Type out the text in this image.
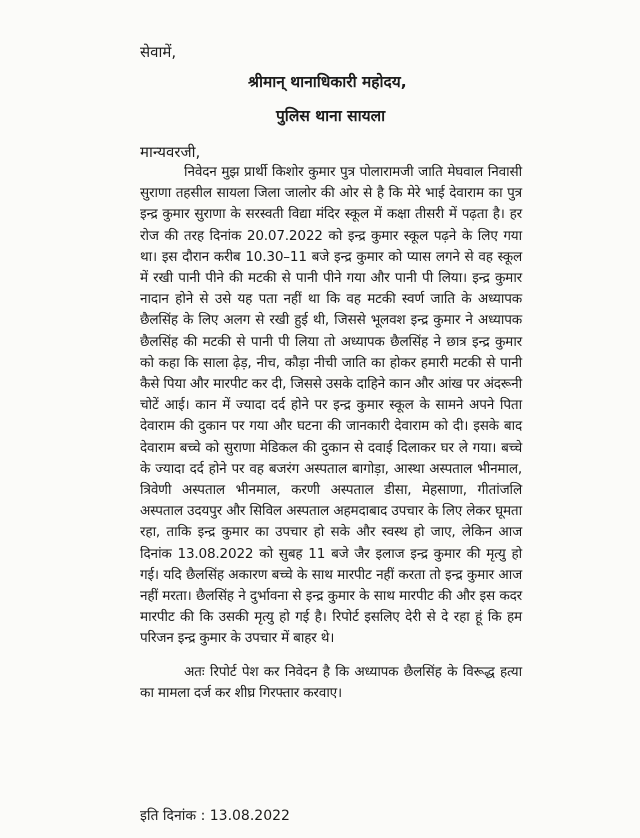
सेवामें,
श्रीमान् थानाधिकारी महोदय,
पुलिस थाना सायला
मान्यवरजी,

निवेदन मुझ प्रार्थी किशोर कुमार पुत्र पोलारामजी जाति मेघवाल निवासी सुराणा तहसील सायला जिला जालोर की ओर से है कि मेरे भाई देवाराम का पुत्र इन्द्र कुमार सुराणा के सरस्वती विद्या मंदिर स्कूल में कक्षा तीसरी में पढ़ता है। हर रोज की तरह दिनांक 20.07.2022 को इन्द्र कुमार स्कूल पढ़ने के लिए गया था। इस दौरान करीब 10.30–11 बजे इन्द्र कुमार को प्यास लगने से वह स्कूल में रखी पानी पीने की मटकी से पानी पीने गया और पानी पी लिया। इन्द्र कुमार नादान होने से उसे यह पता नहीं था कि वह मटकी स्वर्ण जाति के अध्यापक छैलसिंह के लिए अलग से रखी हुई थी, जिससे भूलवश इन्द्र कुमार ने अध्यापक छैलसिंह की मटकी से पानी पी लिया तो अध्यापक छैलसिंह ने छात्र इन्द्र कुमार को कहा कि साला ढ़ेड़, नीच, कौड़ा नीची जाति का होकर हमारी मटकी से पानी कैसे पिया और मारपीट कर दी, जिससे उसके दाहिने कान और आंख पर अंदरूनी चोटें आई। कान में ज्यादा दर्द होने पर इन्द्र कुमार स्कूल के सामने अपने पिता देवाराम की दुकान पर गया और घटना की जानकारी देवाराम को दी। इसके बाद देवाराम बच्चे को सुराणा मेडिकल की दुकान से दवाई दिलाकर घर ले गया। बच्चे के ज्यादा दर्द होने पर वह बजरंग अस्पताल बागोड़ा, आस्था अस्पताल भीनमाल, त्रिवेणी अस्पताल भीनमाल, करणी अस्पताल डीसा, मेहसाणा, गीतांजलि अस्पताल उदयपुर और सिविल अस्पताल अहमदाबाद उपचार के लिए लेकर घूमता रहा, ताकि इन्द्र कुमार का उपचार हो सके और स्वस्थ हो जाए, लेकिन आज दिनांक 13.08.2022 को सुबह 11 बजे जैर इलाज इन्द्र कुमार की मृत्यु हो गई। यदि छैलसिंह अकारण बच्चे के साथ मारपीट नहीं करता तो इन्द्र कुमार आज नहीं मरता। छैलसिंह ने दुर्भावना से इन्द्र कुमार के साथ मारपीट की और इस कदर मारपीट की कि उसकी मृत्यु हो गई है। रिपोर्ट इसलिए देरी से दे रहा हूं कि हम परिजन इन्द्र कुमार के उपचार में बाहर थे।

अतः रिपोर्ट पेश कर निवेदन है कि अध्यापक छैलसिंह के विरूद्ध हत्या का मामला दर्ज कर शीघ्र गिरफ्तार करवाए।

इति दिनांक : 13.08.2022
